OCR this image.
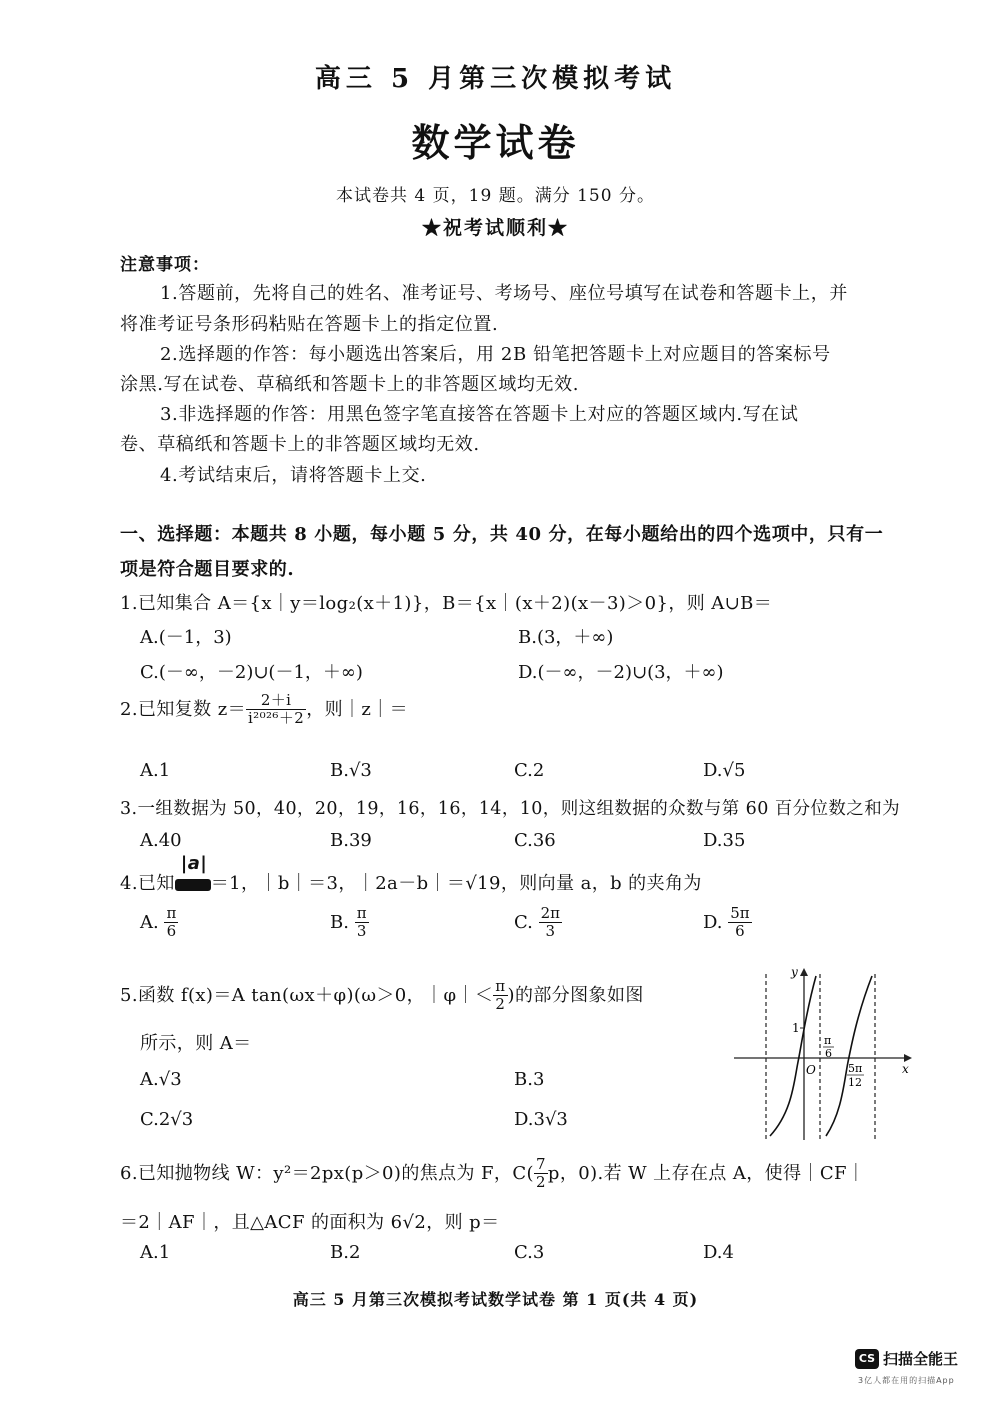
高三 5 月第三次模拟考试
数学试卷
本试卷共 4 页，19 题。满分 150 分。
★祝考试顺利★
注意事项：
1.答题前，先将自己的姓名、准考证号、考场号、座位号填写在试卷和答题卡上，并
将准考证号条形码粘贴在答题卡上的指定位置.
2.选择题的作答：每小题选出答案后，用 2B 铅笔把答题卡上对应题目的答案标号
涂黑.写在试卷、草稿纸和答题卡上的非答题区域均无效.
3.非选择题的作答：用黑色签字笔直接答在答题卡上对应的答题区域内.写在试
卷、草稿纸和答题卡上的非答题区域均无效.
4.考试结束后，请将答题卡上交.
一、选择题：本题共 8 小题，每小题 5 分，共 40 分，在每小题给出的四个选项中，只有一
项是符合题目要求的.
1.已知集合 A＝{x｜y＝log₂(x＋1)}，B＝{x｜(x＋2)(x－3)＞0}，则 A∪B＝
A.(－1，3)	B.(3，＋∞)
C.(－∞，－2)∪(－1，＋∞)	D.(－∞，－2)∪(3，＋∞)
2.已知复数 $z= \frac{2+i}{\text{i²⁰²⁶＋2}}$ ，则｜z｜＝
A.1	B.√3	C.2	D.√5
3.一组数据为 50，40，20，19，16，16，14，10，则这组数据的众数与第 60 百分位数之和为
A.40	B.39	C.36	D.35
4.已知
|a|
＝1，｜b｜＝3，｜2a－b｜＝√19，则向量 a，b 的夹角为
A. $\frac{\pi}{6}$	B. $\frac{\pi}{3}$	C. $\frac{2\pi}{3}$	D. $\frac{5\pi}{6}$
5.函数 f(x)＝A tan(ωx＋φ)(ω＞0，｜φ｜＜ $\frac{\pi}{2}$ )的部分图象如图
所示，则 A＝
A.√3	B.3
C.2√3	D.3√3
y
x
O
1
π
6
5π
12
6.已知抛物线 W：y²＝2px(p＞0)的焦点为 F，$C( \frac{7}{2}$ p，0).若 W 上存在点 A，使得｜CF｜
＝2｜AF｜，且△ACF 的面积为 6√2，则 p＝
A.1	B.2	C.3	D.4
高三 5 月第三次模拟考试数学试卷 第 1 页(共 4 页)
CS 扫描全能王
3亿人都在用的扫描App
